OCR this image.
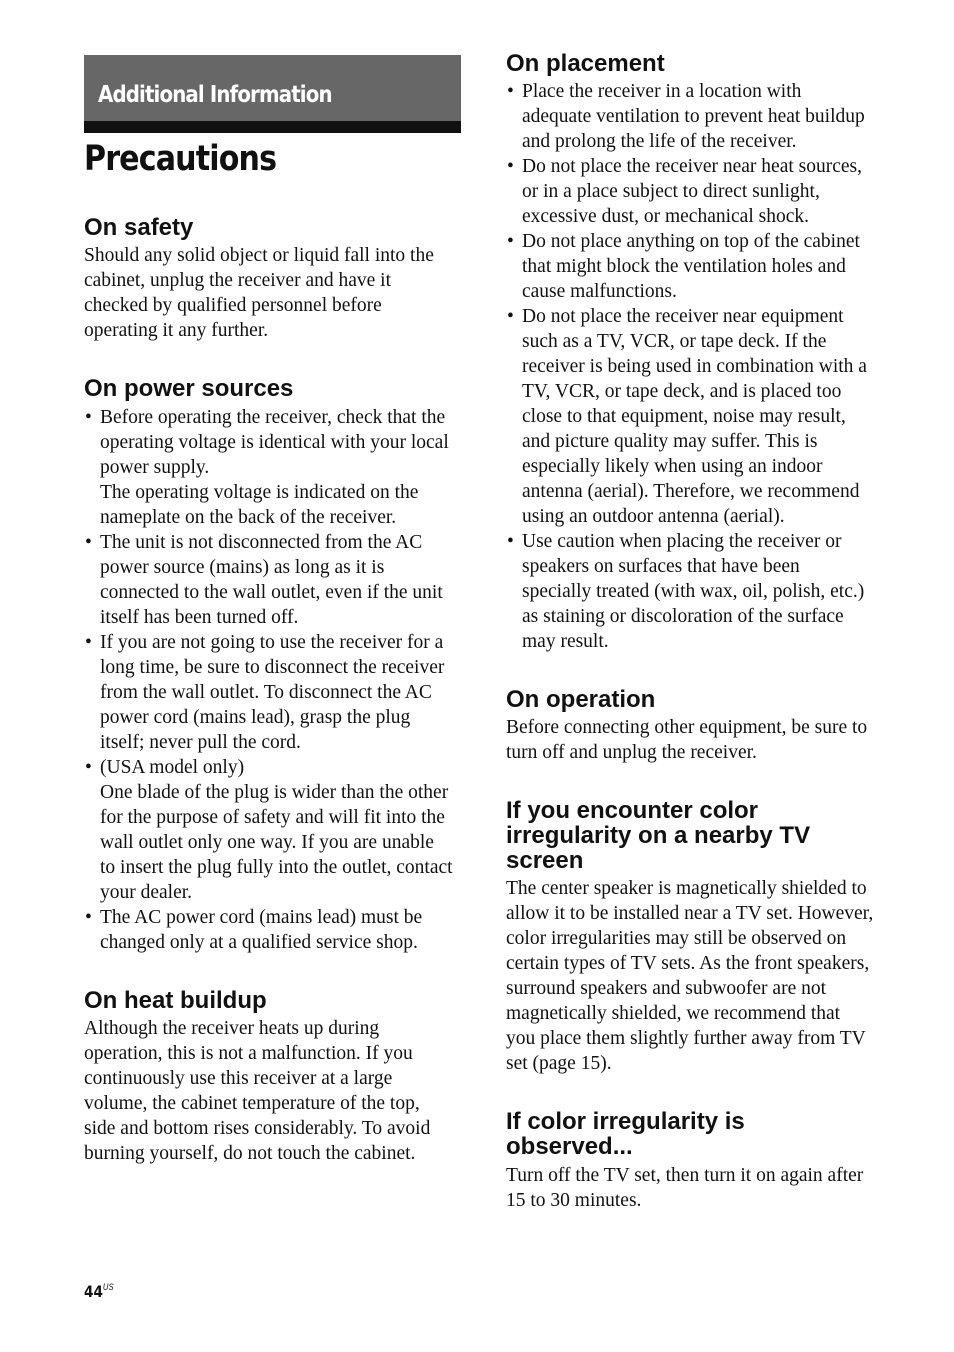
Additional Information
Precautions
On safety
Should any solid object or liquid fall into the
cabinet, unplug the receiver and have it
checked by qualified personnel before
operating it any further.
On power sources
• Before operating the receiver, check that the
operating voltage is identical with your local
power supply.
The operating voltage is indicated on the
nameplate on the back of the receiver.
• The unit is not disconnected from the AC
power source (mains) as long as it is
connected to the wall outlet, even if the unit
itself has been turned off.
• If you are not going to use the receiver for a
long time, be sure to disconnect the receiver
from the wall outlet. To disconnect the AC
power cord (mains lead), grasp the plug
itself; never pull the cord.
• (USA model only)
One blade of the plug is wider than the other
for the purpose of safety and will fit into the
wall outlet only one way. If you are unable
to insert the plug fully into the outlet, contact
your dealer.
• The AC power cord (mains lead) must be
changed only at a qualified service shop.
On heat buildup
Although the receiver heats up during
operation, this is not a malfunction. If you
continuously use this receiver at a large
volume, the cabinet temperature of the top,
side and bottom rises considerably. To avoid
burning yourself, do not touch the cabinet.
On placement
• Place the receiver in a location with
adequate ventilation to prevent heat buildup
and prolong the life of the receiver.
• Do not place the receiver near heat sources,
or in a place subject to direct sunlight,
excessive dust, or mechanical shock.
• Do not place anything on top of the cabinet
that might block the ventilation holes and
cause malfunctions.
• Do not place the receiver near equipment
such as a TV, VCR, or tape deck. If the
receiver is being used in combination with a
TV, VCR, or tape deck, and is placed too
close to that equipment, noise may result,
and picture quality may suffer. This is
especially likely when using an indoor
antenna (aerial). Therefore, we recommend
using an outdoor antenna (aerial).
• Use caution when placing the receiver or
speakers on surfaces that have been
specially treated (with wax, oil, polish, etc.)
as staining or discoloration of the surface
may result.
On operation
Before connecting other equipment, be sure to
turn off and unplug the receiver.
If you encounter color
irregularity on a nearby TV
screen
The center speaker is magnetically shielded to
allow it to be installed near a TV set. However,
color irregularities may still be observed on
certain types of TV sets. As the front speakers,
surround speakers and subwoofer are not
magnetically shielded, we recommend that
you place them slightly further away from TV
set (page 15).
If color irregularity is
observed...
Turn off the TV set, then turn it on again after
15 to 30 minutes.
$44^{US}$
